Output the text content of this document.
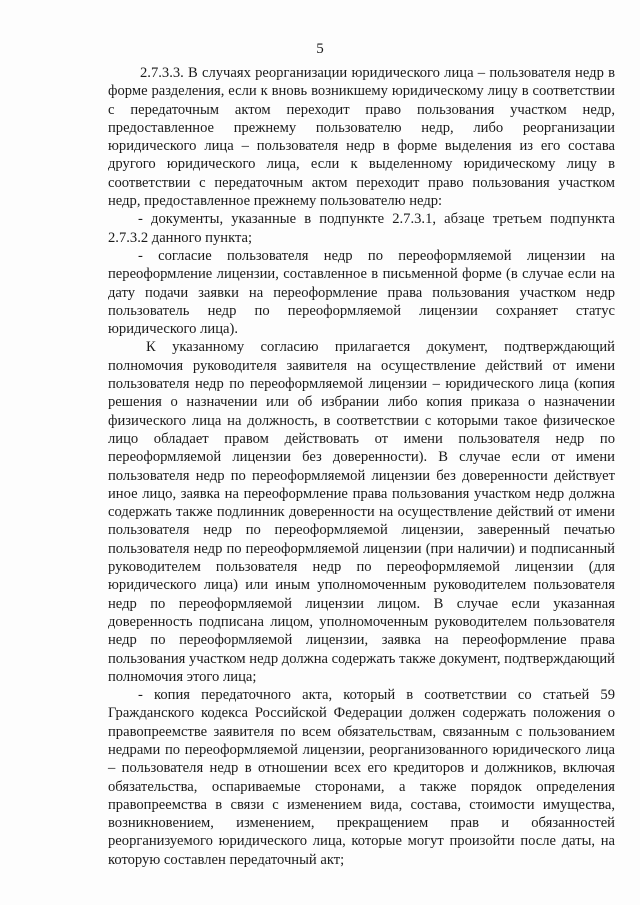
5

2.7.3.3. В случаях реорганизации юридического лица – пользователя недр в форме разделения, если к вновь возникшему юридическому лицу в соответствии с передаточным актом переходит право пользования участком недр, предоставленное прежнему пользователю недр, либо реорганизации юридического лица – пользователя недр в форме выделения из его состава другого юридического лица, если к выделенному юридическому лицу в соответствии с передаточным актом переходит право пользования участком недр, предоставленное прежнему пользователю недр:

- документы, указанные в подпункте 2.7.3.1, абзаце третьем подпункта 2.7.3.2 данного пункта;

- согласие пользователя недр по переоформляемой лицензии на переоформление лицензии, составленное в письменной форме (в случае если на дату подачи заявки на переоформление права пользования участком недр пользователь недр по переоформляемой лицензии сохраняет статус юридического лица).

К указанному согласию прилагается документ, подтверждающий полномочия руководителя заявителя на осуществление действий от имени пользователя недр по переоформляемой лицензии – юридического лица (копия решения о назначении или об избрании либо копия приказа о назначении физического лица на должность, в соответствии с которыми такое физическое лицо обладает правом действовать от имени пользователя недр по переоформляемой лицензии без доверенности). В случае если от имени пользователя недр по переоформляемой лицензии без доверенности действует иное лицо, заявка на переоформление права пользования участком недр должна содержать также подлинник доверенности на осуществление действий от имени пользователя недр по переоформляемой лицензии, заверенный печатью пользователя недр по переоформляемой лицензии (при наличии) и подписанный руководителем пользователя недр по переоформляемой лицензии (для юридического лица) или иным уполномоченным руководителем пользователя недр по переоформляемой лицензии лицом. В случае если указанная доверенность подписана лицом, уполномоченным руководителем пользователя недр по переоформляемой лицензии, заявка на переоформление права пользования участком недр должна содержать также документ, подтверждающий полномочия этого лица;

- копия передаточного акта, который в соответствии со статьей 59 Гражданского кодекса Российской Федерации должен содержать положения о правопреемстве заявителя по всем обязательствам, связанным с пользованием недрами по переоформляемой лицензии, реорганизованного юридического лица – пользователя недр в отношении всех его кредиторов и должников, включая обязательства, оспариваемые сторонами, а также порядок определения правопреемства в связи с изменением вида, состава, стоимости имущества, возникновением, изменением, прекращением прав и обязанностей реорганизуемого юридического лица, которые могут произойти после даты, на которую составлен передаточный акт;
